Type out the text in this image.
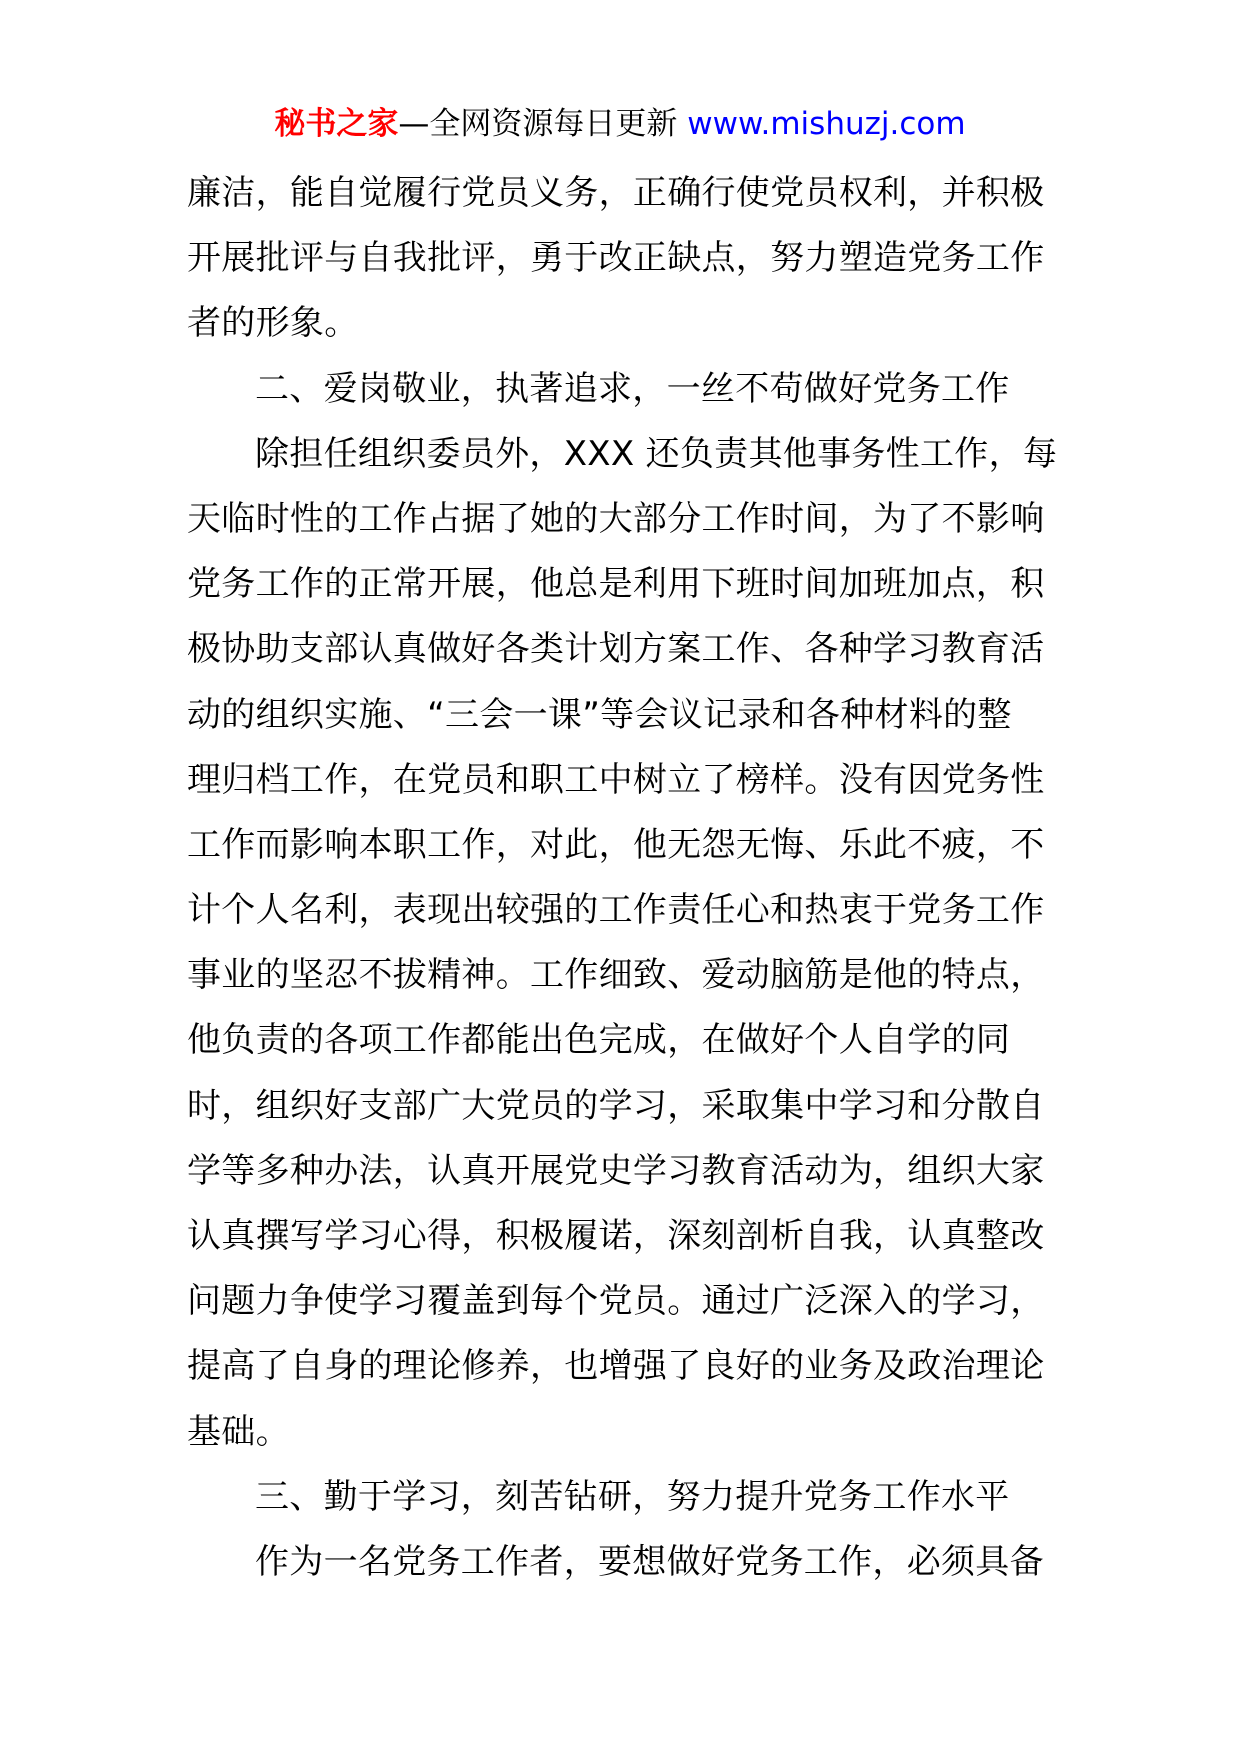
秘书之家—全网资源每日更新 www.mishuzj.com
廉洁，能自觉履行党员义务，正确行使党员权利，并积极
开展批评与自我批评，勇于改正缺点，努力塑造党务工作
者的形象。
二、爱岗敬业，执著追求，一丝不苟做好党务工作
除担任组织委员外，XXX 还负责其他事务性工作，每
天临时性的工作占据了她的大部分工作时间，为了不影响
党务工作的正常开展，他总是利用下班时间加班加点，积
极协助支部认真做好各类计划方案工作、各种学习教育活
动的组织实施、“三会一课”等会议记录和各种材料的整
理归档工作，在党员和职工中树立了榜样。没有因党务性
工作而影响本职工作，对此，他无怨无悔、乐此不疲，不
计个人名利，表现出较强的工作责任心和热衷于党务工作
事业的坚忍不拔精神。工作细致、爱动脑筋是他的特点，
他负责的各项工作都能出色完成，在做好个人自学的同
时，组织好支部广大党员的学习，采取集中学习和分散自
学等多种办法，认真开展党史学习教育活动为，组织大家
认真撰写学习心得，积极履诺，深刻剖析自我，认真整改
问题力争使学习覆盖到每个党员。通过广泛深入的学习，
提高了自身的理论修养，也增强了良好的业务及政治理论
基础。
三、勤于学习，刻苦钻研，努力提升党务工作水平
作为一名党务工作者，要想做好党务工作，必须具备
